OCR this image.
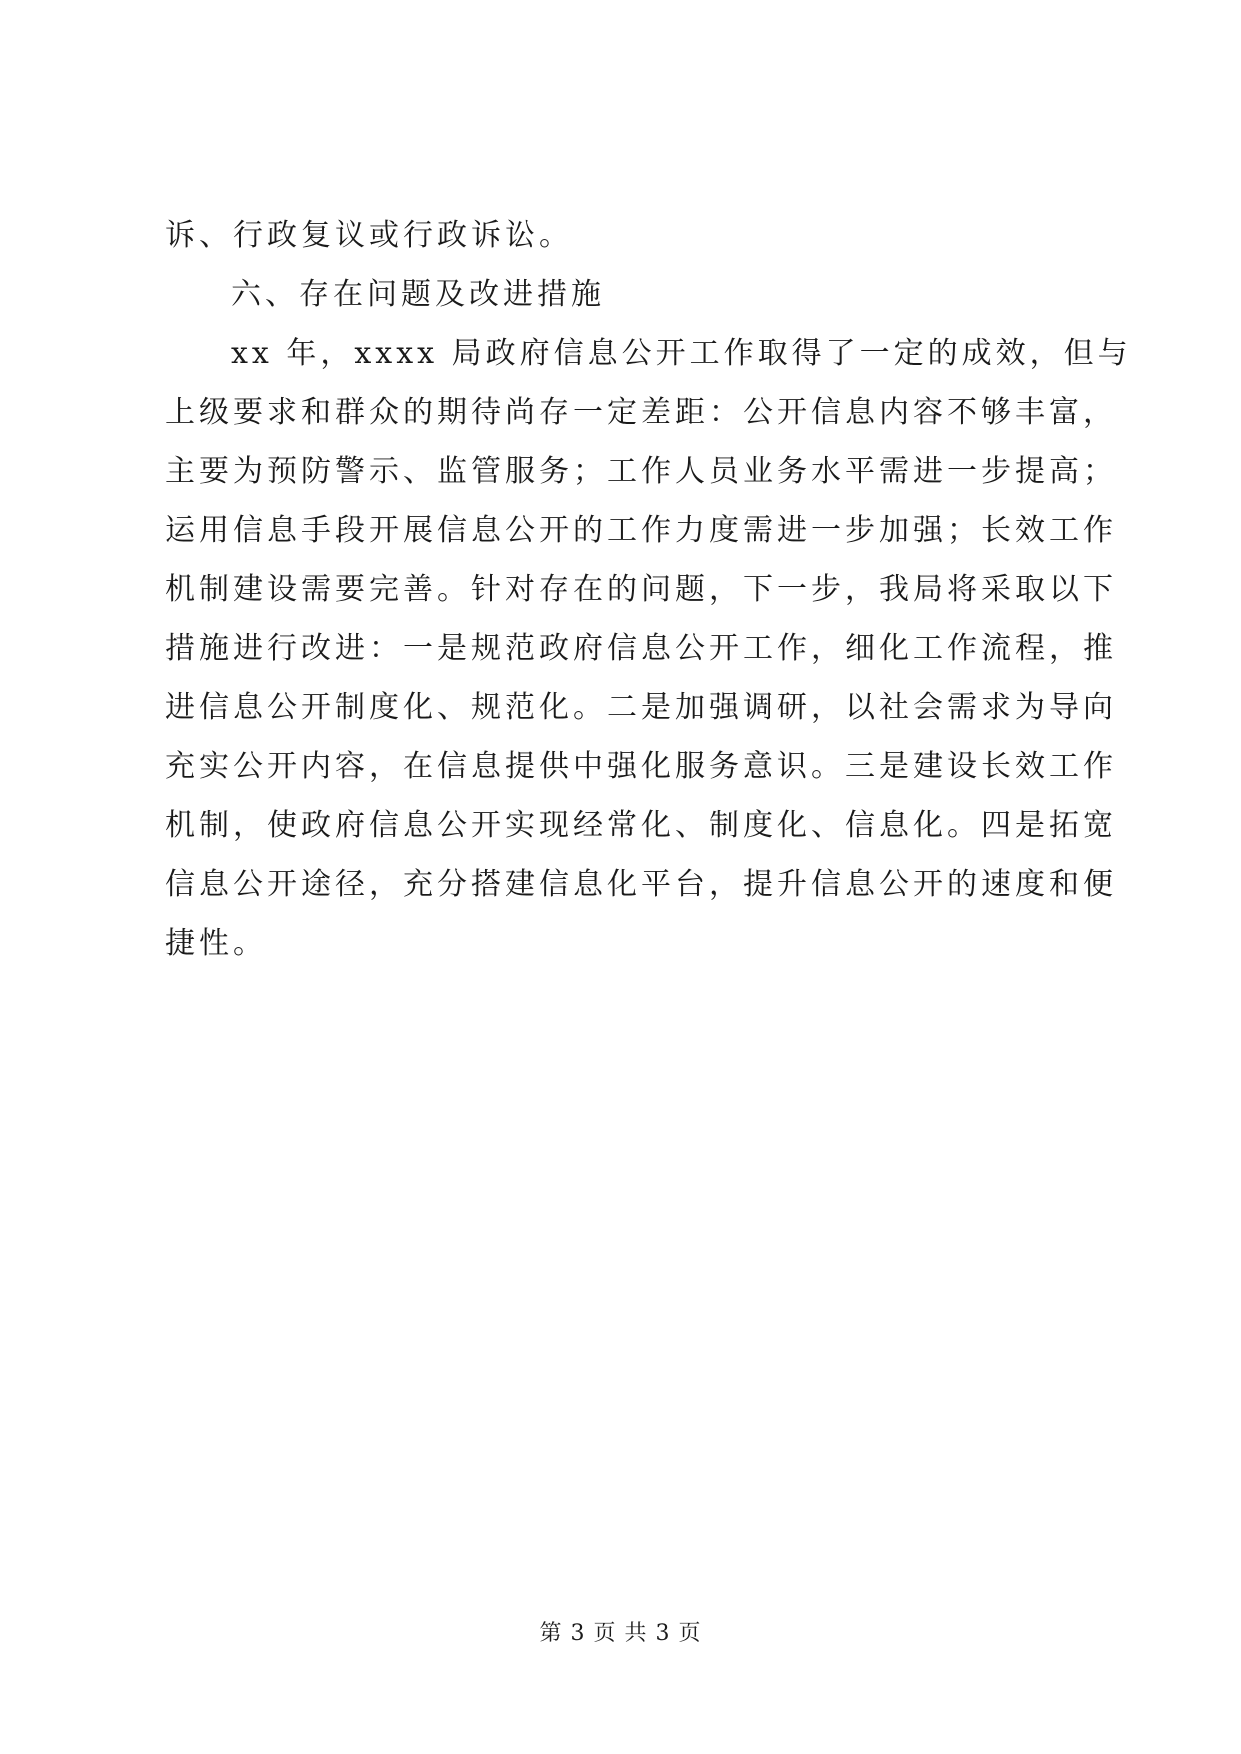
诉、行政复议或行政诉讼。
六、存在问题及改进措施
xx 年，xxxx 局政府信息公开工作取得了一定的成效，但与
上级要求和群众的期待尚存一定差距：公开信息内容不够丰富，
主要为预防警示、监管服务；工作人员业务水平需进一步提高；
运用信息手段开展信息公开的工作力度需进一步加强；长效工作
机制建设需要完善。针对存在的问题，下一步，我局将采取以下
措施进行改进：一是规范政府信息公开工作，细化工作流程，推
进信息公开制度化、规范化。二是加强调研，以社会需求为导向
充实公开内容，在信息提供中强化服务意识。三是建设长效工作
机制，使政府信息公开实现经常化、制度化、信息化。四是拓宽
信息公开途径，充分搭建信息化平台，提升信息公开的速度和便
捷性。
第 3 页 共 3 页
